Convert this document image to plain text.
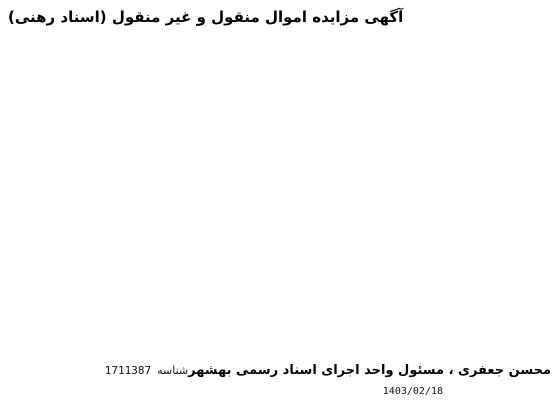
آگهی مزایده اموال منقول و غیر منقول (اسناد رهنی)

محسن جعفری ، مسئول واحد اجرای اسناد رسمی بهشهر
شناسه
1711387
1403/02/18
